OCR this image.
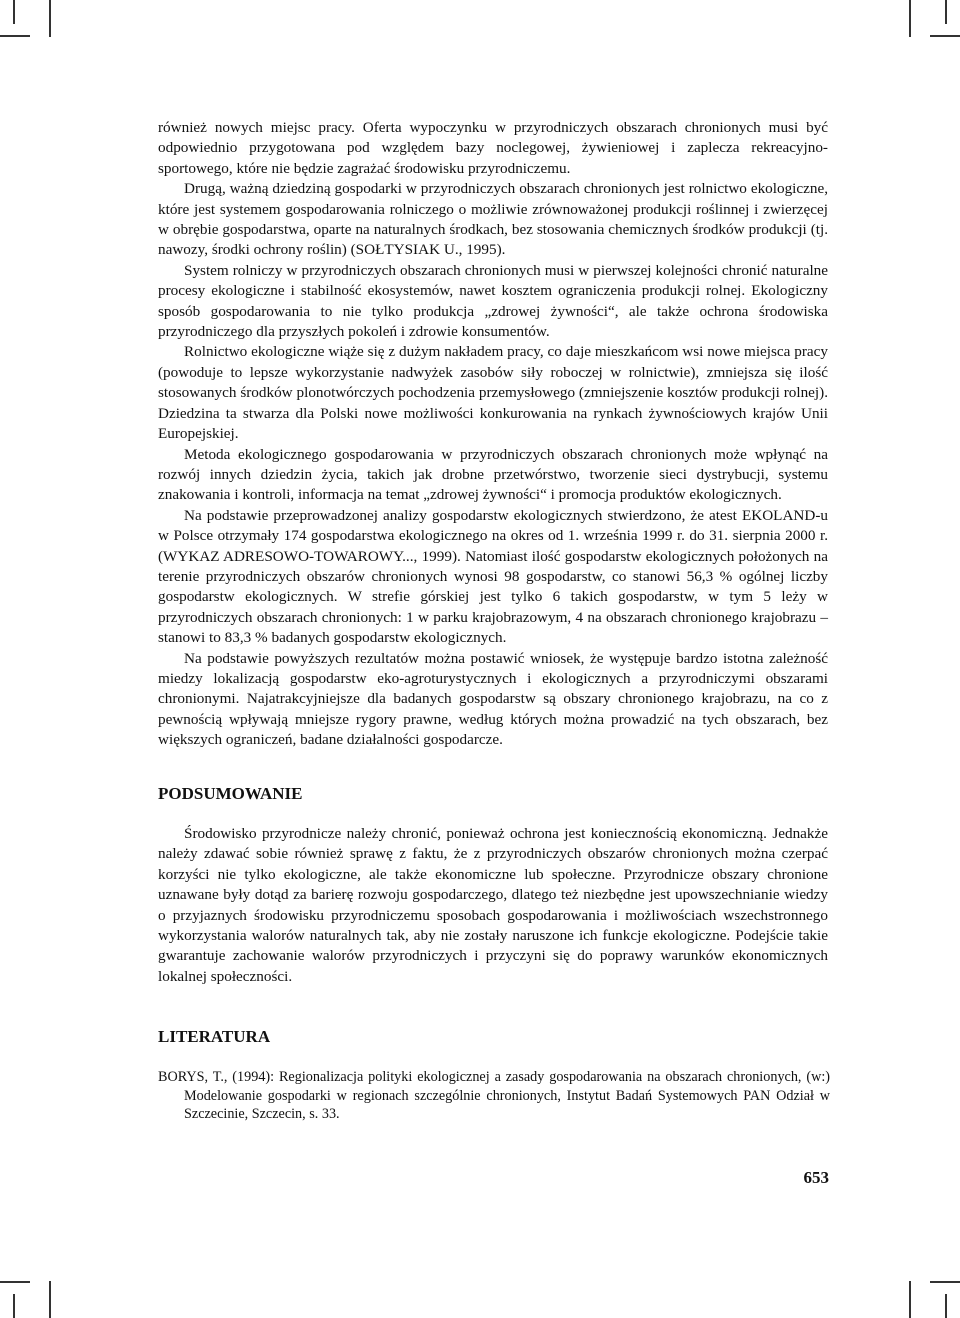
również nowych miejsc pracy. Oferta wypoczynku w przyrodniczych obszarach chronionych musi być odpowiednio przygotowana pod względem bazy noclegowej, żywieniowej i zaplecza rekreacyjno-sportowego, które nie będzie zagrażać środowisku przyrodniczemu.

Drugą, ważną dziedziną gospodarki w przyrodniczych obszarach chronionych jest rolnictwo ekologiczne, które jest systemem gospodarowania rolniczego o możliwie zrównoważonej produkcji roślinnej i zwierzęcej w obrębie gospodarstwa, oparte na naturalnych środkach, bez stosowania chemicznych środków produkcji (tj. nawozy, środki ochrony roślin) (SOŁTYSIAK U., 1995).

System rolniczy w przyrodniczych obszarach chronionych musi w pierwszej kolejności chronić naturalne procesy ekologiczne i stabilność ekosystemów, nawet kosztem ograniczenia produkcji rolnej. Ekologiczny sposób gospodarowania to nie tylko produkcja „zdrowej żywności“, ale także ochrona środowiska przyrodniczego dla przyszłych pokoleń i zdrowie konsumentów.

Rolnictwo ekologiczne wiąże się z dużym nakładem pracy, co daje mieszkańcom wsi nowe miejsca pracy (powoduje to lepsze wykorzystanie nadwyżek zasobów siły roboczej w rolnictwie), zmniejsza się ilość stosowanych środków plonotwórczych pochodzenia przemysłowego (zmniejszenie kosztów produkcji rolnej). Dziedzina ta stwarza dla Polski nowe możliwości konkurowania na rynkach żywnościowych krajów Unii Europejskiej.

Metoda ekologicznego gospodarowania w przyrodniczych obszarach chronionych może wpłynąć na rozwój innych dziedzin życia, takich jak drobne przetwórstwo, tworzenie sieci dystrybucji, systemu znakowania i kontroli, informacja na temat „zdrowej żywności“ i promocja produktów ekologicznych.

Na podstawie przeprowadzonej analizy gospodarstw ekologicznych stwierdzono, że atest EKOLAND-u w Polsce otrzymały 174 gospodarstwa ekologicznego na okres od 1. września 1999 r. do 31. sierpnia 2000 r. (WYKAZ ADRESOWO-TOWAROWY..., 1999). Natomiast ilość gospodarstw ekologicznych położonych na terenie przyrodniczych obszarów chronionych wynosi 98 gospodarstw, co stanowi 56,3 % ogólnej liczby gospodarstw ekologicznych. W strefie górskiej jest tylko 6 takich gospodarstw, w tym 5 leży w przyrodniczych obszarach chronionych: 1 w parku krajobrazowym, 4 na obszarach chronionego krajobrazu – stanowi to 83,3 % badanych gospodarstw ekologicznych.

Na podstawie powyższych rezultatów można postawić wniosek, że występuje bardzo istotna zależność miedzy lokalizacją gospodarstw eko-agroturystycznych i ekologicznych a przyrodniczymi obszarami chronionymi. Najatrakcyjniejsze dla badanych gospodarstw są obszary chronionego krajobrazu, na co z pewnością wpływają mniejsze rygory prawne, według których można prowadzić na tych obszarach, bez większych ograniczeń, badane działalności gospodarcze.

PODSUMOWANIE

Środowisko przyrodnicze należy chronić, ponieważ ochrona jest koniecznością ekonomiczną. Jednakże należy zdawać sobie również sprawę z faktu, że z przyrodniczych obszarów chronionych można czerpać korzyści nie tylko ekologiczne, ale także ekonomiczne lub społeczne. Przyrodnicze obszary chronione uznawane były dotąd za barierę rozwoju gospodarczego, dlatego też niezbędne jest upowszechnianie wiedzy o przyjaznych środowisku przyrodniczemu sposobach gospodarowania i możliwościach wszechstronnego wykorzystania walorów naturalnych tak, aby nie zostały naruszone ich funkcje ekologiczne. Podejście takie gwarantuje zachowanie walorów przyrodniczych i przyczyni się do poprawy warunków ekonomicznych lokalnej społeczności.

LITERATURA

BORYS, T., (1994): Regionalizacja polityki ekologicznej a zasady gospodarowania na obszarach chronionych, (w:) Modelowanie gospodarki w regionach szczególnie chronionych, Instytut Badań Systemowych PAN Odział w Szczecinie, Szczecin, s. 33.

653
